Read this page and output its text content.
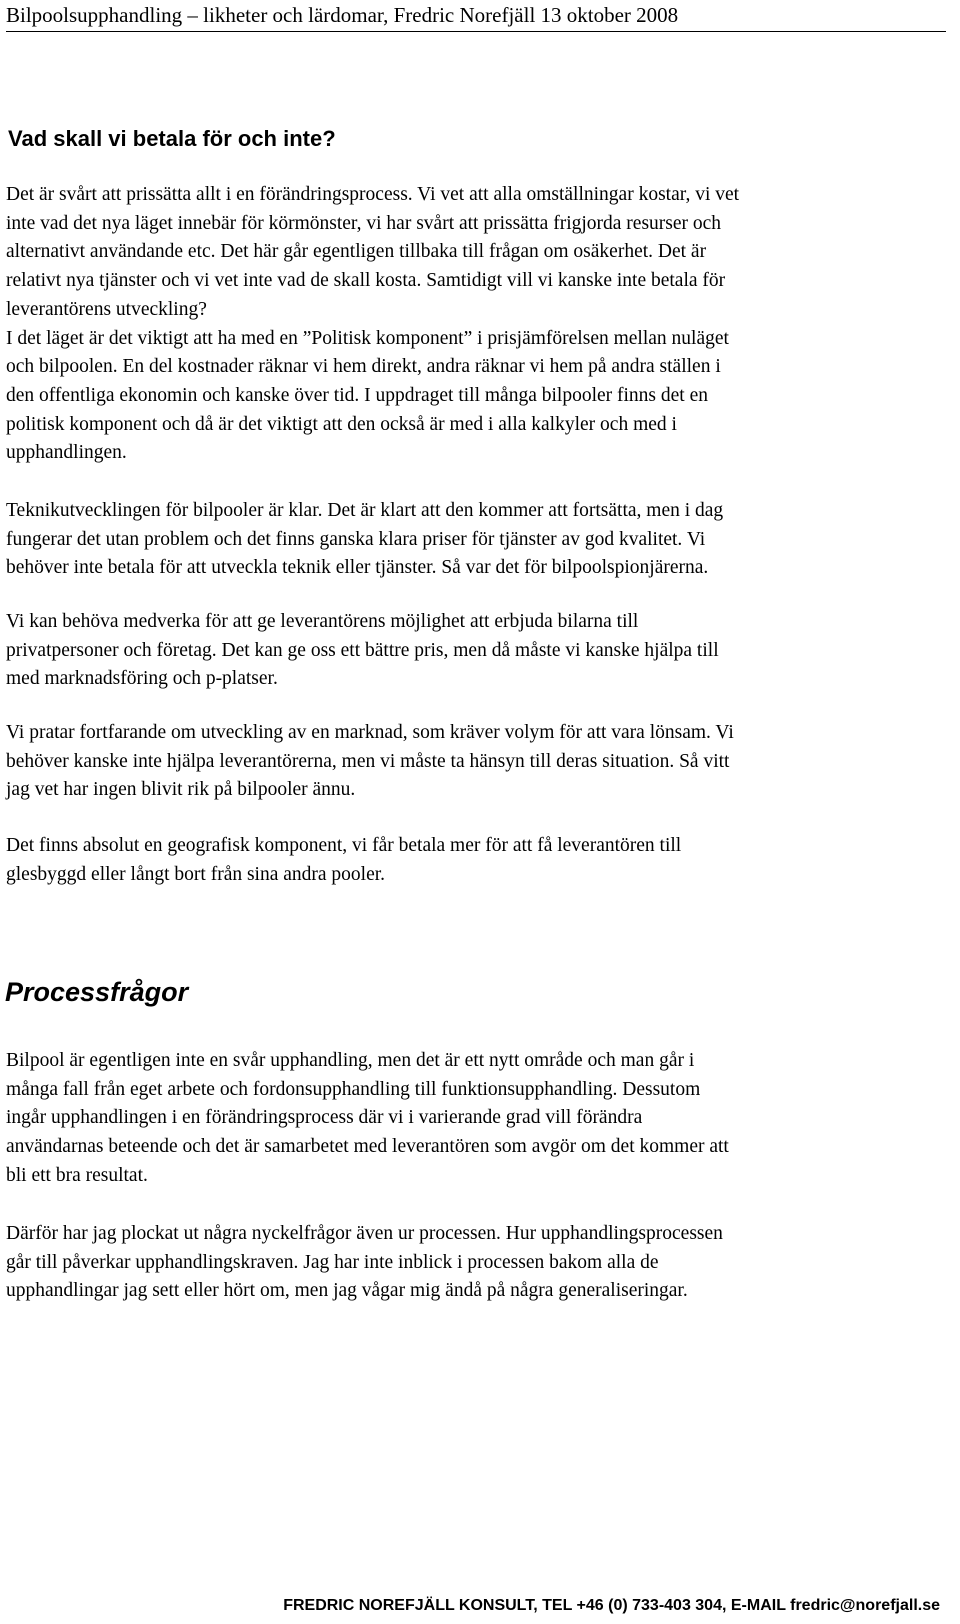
Bilpoolsupphandling – likheter och lärdomar, Fredric Norefjäll 13 oktober 2008
Vad skall vi betala för och inte?
Det är svårt att prissätta allt i en förändringsprocess. Vi vet att alla omställningar kostar, vi vet
inte vad det nya läget innebär för körmönster, vi har svårt att prissätta frigjorda resurser och
alternativt användande etc. Det här går egentligen tillbaka till frågan om osäkerhet. Det är
relativt nya tjänster och vi vet inte vad de skall kosta. Samtidigt vill vi kanske inte betala för
leverantörens utveckling?
I det läget är det viktigt att ha med en ”Politisk komponent” i prisjämförelsen mellan nuläget
och bilpoolen. En del kostnader räknar vi hem direkt, andra räknar vi hem på andra ställen i
den offentliga ekonomin och kanske över tid. I uppdraget till många bilpooler finns det en
politisk komponent och då är det viktigt att den också är med i alla kalkyler och med i
upphandlingen.
Teknikutvecklingen för bilpooler är klar. Det är klart att den kommer att fortsätta, men i dag
fungerar det utan problem och det finns ganska klara priser för tjänster av god kvalitet. Vi
behöver inte betala för att utveckla teknik eller tjänster. Så var det för bilpoolspionjärerna.
Vi kan behöva medverka för att ge leverantörens möjlighet att erbjuda bilarna till
privatpersoner och företag. Det kan ge oss ett bättre pris, men då måste vi kanske hjälpa till
med marknadsföring och p-platser.
Vi pratar fortfarande om utveckling av en marknad, som kräver volym för att vara lönsam. Vi
behöver kanske inte hjälpa leverantörerna, men vi måste ta hänsyn till deras situation. Så vitt
jag vet har ingen blivit rik på bilpooler ännu.
Det finns absolut en geografisk komponent, vi får betala mer för att få leverantören till
glesbyggd eller långt bort från sina andra pooler.
Processfrågor
Bilpool är egentligen inte en svår upphandling, men det är ett nytt område och man går i
många fall från eget arbete och fordonsupphandling till funktionsupphandling. Dessutom
ingår upphandlingen i en förändringsprocess där vi i varierande grad vill förändra
användarnas beteende och det är samarbetet med leverantören som avgör om det kommer att
bli ett bra resultat.
Därför har jag plockat ut några nyckelfrågor även ur processen. Hur upphandlingsprocessen
går till påverkar upphandlingskraven. Jag har inte inblick i processen bakom alla de
upphandlingar jag sett eller hört om, men jag vågar mig ändå på några generaliseringar.
FREDRIC NOREFJÄLL KONSULT, TEL +46 (0) 733-403 304, E-MAIL fredric@norefjall.se
